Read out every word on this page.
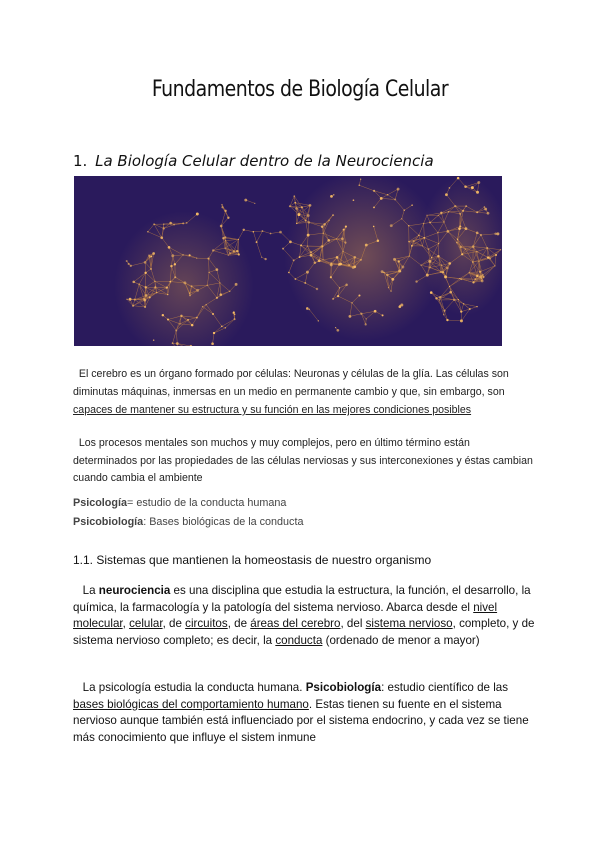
Fundamentos de Biología Celular
1. La Biología Celular dentro de la Neurociencia
El cerebro es un órgano formado por células: Neuronas y células de la glía. Las células son diminutas máquinas, inmersas en un medio en permanente cambio y que, sin embargo, son capaces de mantener su estructura y su función en las mejores condiciones posibles
Los procesos mentales son muchos y muy complejos, pero en último término están determinados por las propiedades de las células nerviosas y sus interconexiones y éstas cambian cuando cambia el ambiente
Psicología= estudio de la conducta humana
Psicobiología: Bases biológicas de la conducta
1.1. Sistemas que mantienen la homeostasis de nuestro organismo
La neurociencia es una disciplina que estudia la estructura, la función, el desarrollo, la química, la farmacología y la patología del sistema nervioso. Abarca desde el nivel molecular, celular, de circuitos, de áreas del cerebro, del sistema nervioso, completo, y de sistema nervioso completo; es decir, la conducta (ordenado de menor a mayor)
La psicología estudia la conducta humana. Psicobiología: estudio científico de las bases biológicas del comportamiento humano. Estas tienen su fuente en el sistema nervioso aunque también está influenciado por el sistema endocrino, y cada vez se tiene más conocimiento que influye el sistem inmune
